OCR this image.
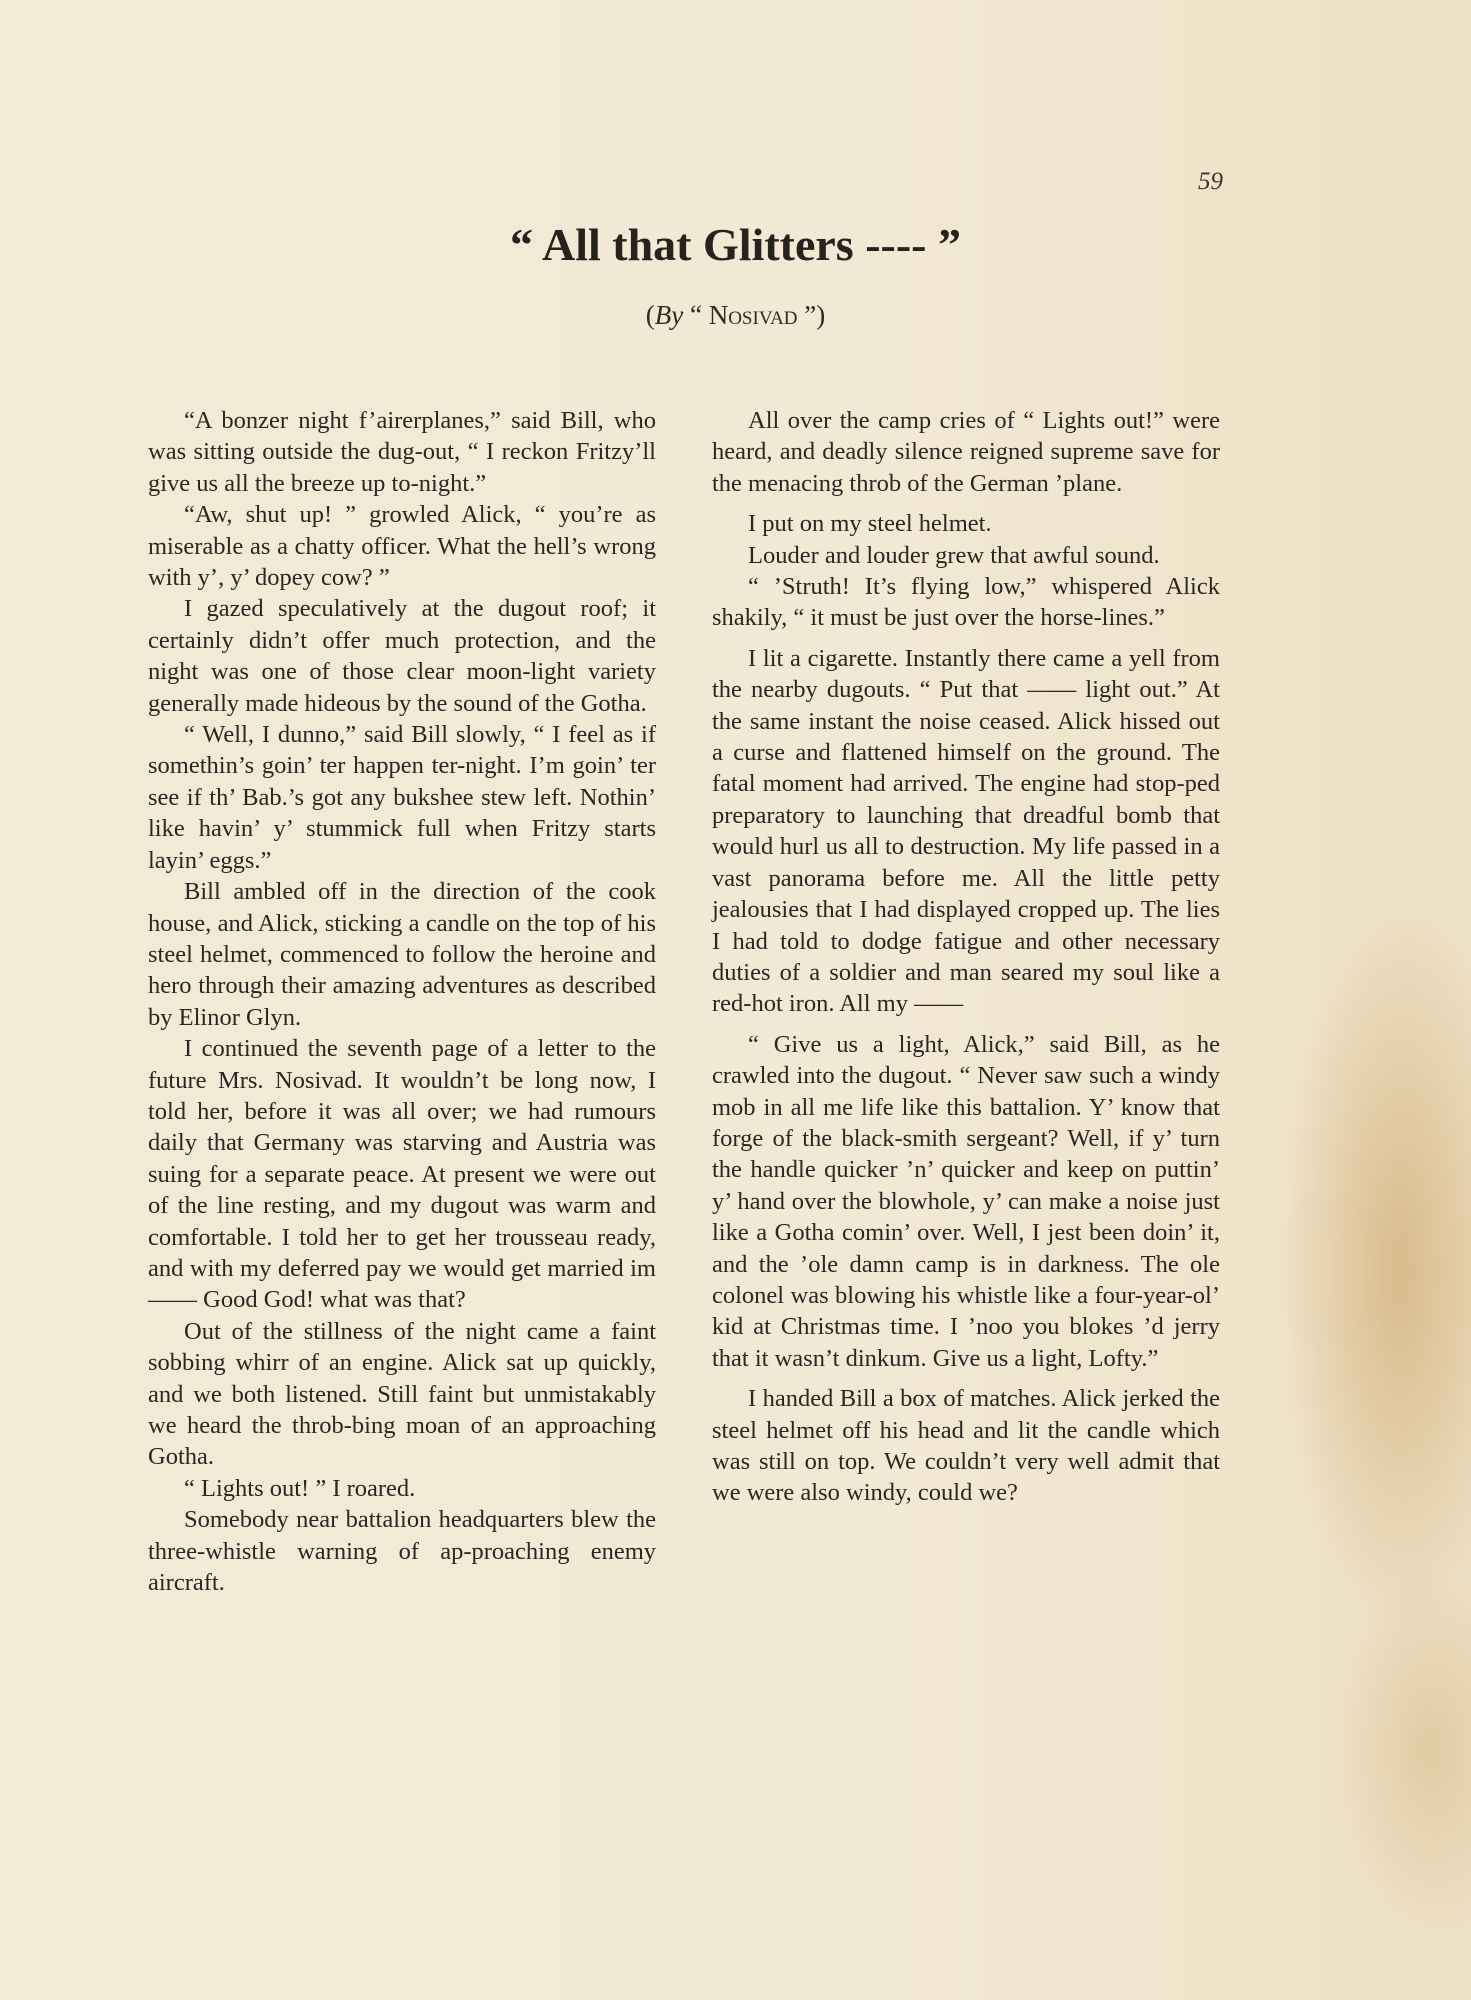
59
“ All that Glitters ---- ”
(By “ Nosivad ”)

“A bonzer night f’airerplanes,” said Bill, who was sitting outside the dug-out, “ I reckon Fritzy’ll give us all the breeze up to-night.”

“Aw, shut up! ” growled Alick, “ you’re as miserable as a chatty officer. What the hell’s wrong with y’, y’ dopey cow? ”

I gazed speculatively at the dugout roof; it certainly didn’t offer much protection, and the night was one of those clear moon-light variety generally made hideous by the sound of the Gotha.

“ Well, I dunno,” said Bill slowly, “ I feel as if somethin’s goin’ ter happen ter-night. I’m goin’ ter see if th’ Bab.’s got any bukshee stew left. Nothin’ like havin’ y’ stummick full when Fritzy starts layin’ eggs.”

Bill ambled off in the direction of the cook house, and Alick, sticking a candle on the top of his steel helmet, commenced to follow the heroine and hero through their amazing adventures as described by Elinor Glyn.

I continued the seventh page of a letter to the future Mrs. Nosivad. It wouldn’t be long now, I told her, before it was all over; we had rumours daily that Germany was starving and Austria was suing for a separate peace. At present we were out of the line resting, and my dugout was warm and comfortable. I told her to get her trousseau ready, and with my deferred pay we would get married im—— Good God! what was that?

Out of the stillness of the night came a faint sobbing whirr of an engine. Alick sat up quickly, and we both listened. Still faint but unmistakably we heard the throb-bing moan of an approaching Gotha.

“ Lights out! ” I roared.

Somebody near battalion headquarters blew the three-whistle warning of ap-proaching enemy aircraft.

All over the camp cries of “ Lights out!” were heard, and deadly silence reigned supreme save for the menacing throb of the German ’plane.

I put on my steel helmet.

Louder and louder grew that awful sound.

“ ’Struth! It’s flying low,” whispered Alick shakily, “ it must be just over the horse-lines.”

I lit a cigarette. Instantly there came a yell from the nearby dugouts. “ Put that —— light out.” At the same instant the noise ceased. Alick hissed out a curse and flattened himself on the ground. The fatal moment had arrived. The engine had stop-ped preparatory to launching that dreadful bomb that would hurl us all to destruction. My life passed in a vast panorama before me. All the little petty jealousies that I had displayed cropped up. The lies I had told to dodge fatigue and other necessary duties of a soldier and man seared my soul like a red-hot iron. All my ——

“ Give us a light, Alick,” said Bill, as he crawled into the dugout. “ Never saw such a windy mob in all me life like this battalion. Y’ know that forge of the black-smith sergeant? Well, if y’ turn the handle quicker ’n’ quicker and keep on puttin’ y’ hand over the blowhole, y’ can make a noise just like a Gotha comin’ over. Well, I jest been doin’ it, and the ’ole damn camp is in darkness. The ole colonel was blowing his whistle like a four-year-ol’ kid at Christmas time. I ’noo you blokes ’d jerry that it wasn’t dinkum. Give us a light, Lofty.”

I handed Bill a box of matches. Alick jerked the steel helmet off his head and lit the candle which was still on top. We couldn’t very well admit that we were also windy, could we?
